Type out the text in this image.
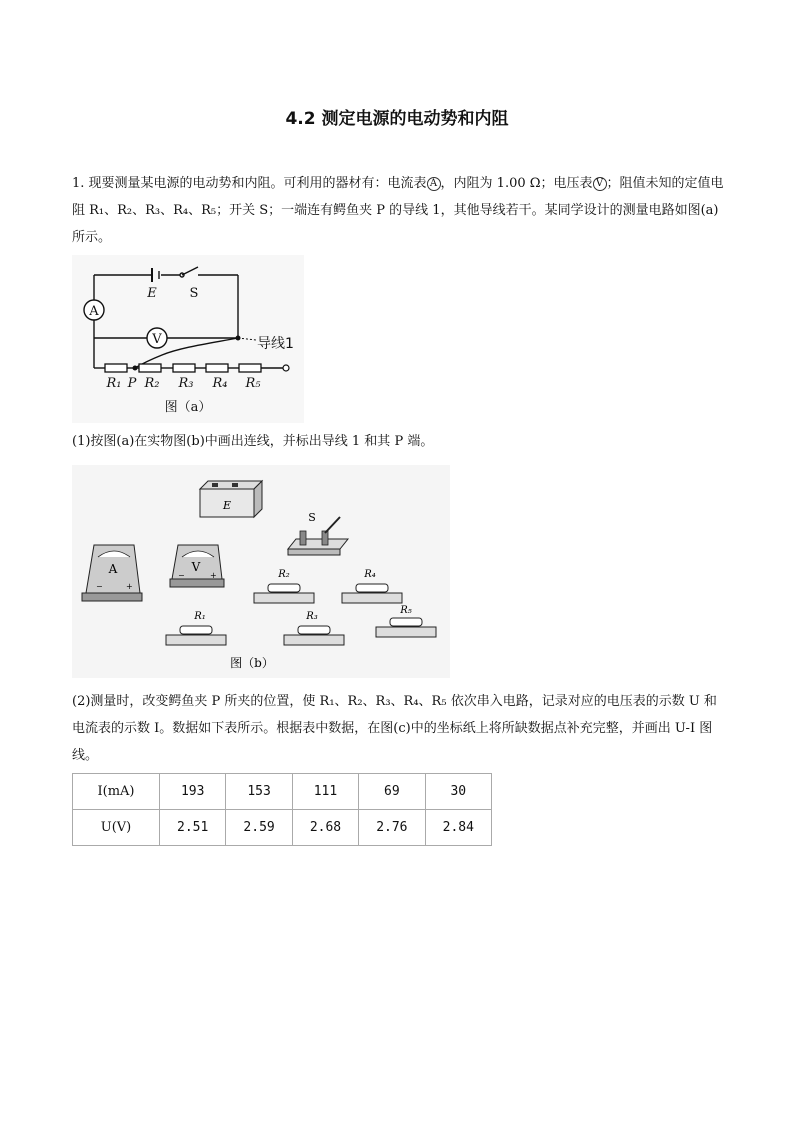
4.2 测定电源的电动势和内阻
1. 现要测量某电源的电动势和内阻。可利用的器材有：电流表 A ，内阻为 1.00 Ω；电压表 V ；阻值未知的定值电阻 R₁、R₂、R₃、R₄、R₅；开关 S；一端连有鳄鱼夹 P 的导线 1，其他导线若干。某同学设计的测量电路如图(a)所示。
A
V
E	S
导线1
P
R₁ R₂ R₃ R₄ R₅
图（a）
(1)按图(a)在实物图(b)中画出连线，并标出导线 1 和其 P 端。
E
S
A
−	+
V
−	+
R₁
R₂
R₃
R₄
R₅
图（b）
(2)测量时，改变鳄鱼夹 P 所夹的位置，使 R₁、R₂、R₃、R₄、R₅ 依次串入电路，记录对应的电压表的示数 U 和电流表的示数 I。数据如下表所示。根据表中数据，在图(c)中的坐标纸上将所缺数据点补充完整，并画出 U-I 图线。
I(mA)	193	153	111	69	30
U(V)	2.51	2.59	2.68	2.76	2.84
